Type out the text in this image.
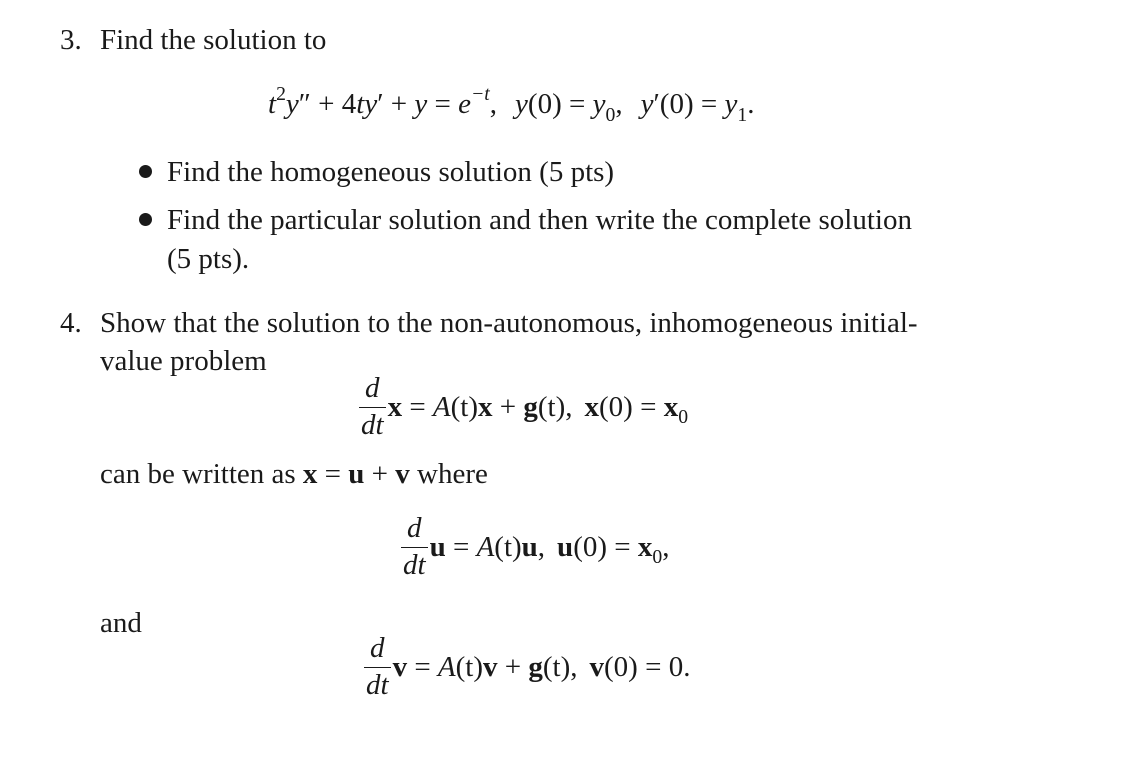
3. Find the solution to
$t^2y'' + 4ty' + y = e^{-t}$, $y(0) = y_0$, $y'(0) = y_1$.
Find the homogeneous solution (5 pts)
Find the particular solution and then write the complete solution
(5 pts).
4. Show that the solution to the non-autonomous, inhomogeneous initial-
value problem
$\frac{d}{dt}$ x = A(t)x + g(t), $x(0) = x_0$
can be written as x = u + v where
$\frac{d}{dt}$ u = A(t)u, $u(0) = x_0$,
and
$\frac{d}{dt}$ v = A(t)v + g(t), v(0) = 0.
